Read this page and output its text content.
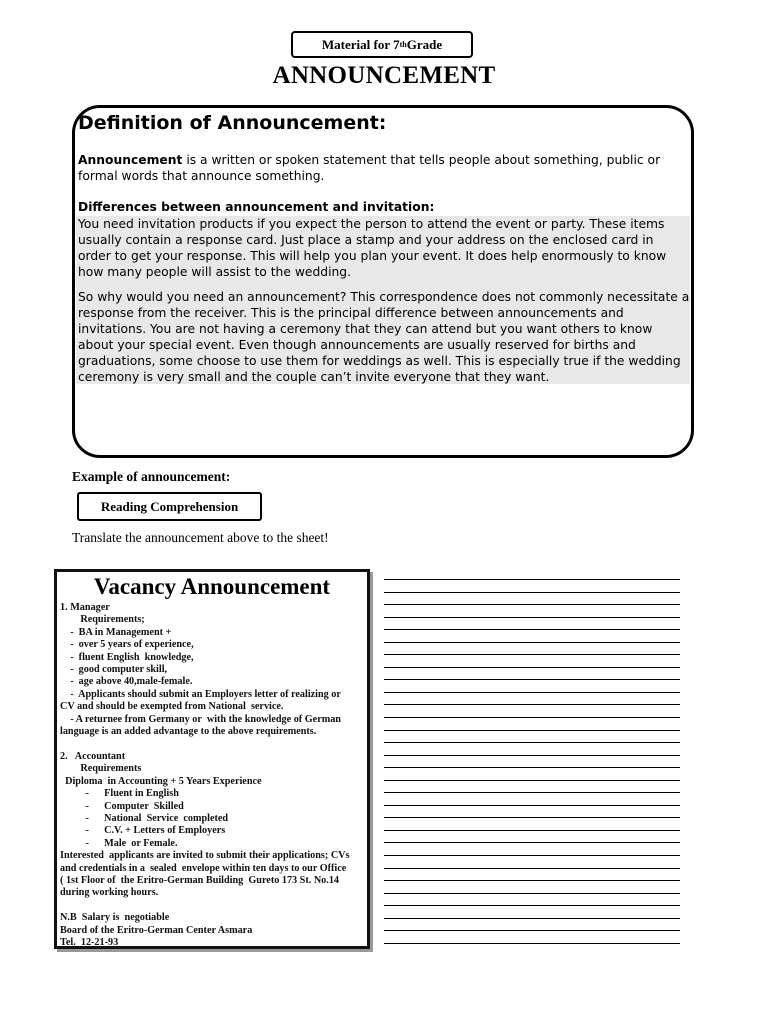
Material for 7 th Grade
ANNOUNCEMENT
Definition of Announcement:
Announcement is a written or spoken statement that tells people about something, public or formal words that announce something.
Differences between announcement and invitation:
You need invitation products if you expect the person to attend the event or party. These items usually contain a response card. Just place a stamp and your address on the enclosed card in order to get your response. This will help you plan your event. It does help enormously to know how many people will assist to the wedding.
So why would you need an announcement? This correspondence does not commonly necessitate a response from the receiver. This is the principal difference between announcements and invitations. You are not having a ceremony that they can attend but you want others to know about your special event. Even though announcements are usually reserved for births and graduations, some choose to use them for weddings as well. This is especially true if the wedding ceremony is very small and the couple can’t invite everyone that they want.
Example of announcement:
Reading Comprehension
Translate the announcement above to the sheet!
Vacancy Announcement
1. Manager
Requirements;
-  BA in Management +
-  over 5 years of experience,
-  fluent English  knowledge,
-  good computer skill,
-  age above 40,male-female.
-  Applicants should submit an Employers letter of realizing or
CV and should be exempted from National  service.
- A returnee from Germany or  with the knowledge of German
language is an added advantage to the above requirements.

2.   Accountant
Requirements
Diploma  in Accounting + 5 Years Experience
-      Fluent in English
-      Computer  Skilled
-      National  Service  completed
-      C.V. + Letters of Employers
-      Male  or Female.
Interested  applicants are invited to submit their applications; CVs
and credentials in a  sealed  envelope within ten days to our Office
( 1st Floor of  the Eritro-German Building  Gureto 173 St. No.14
during working hours.

N.B  Salary is  negotiable
Board of the Eritro-German Center Asmara
Tel.  12-21-93
